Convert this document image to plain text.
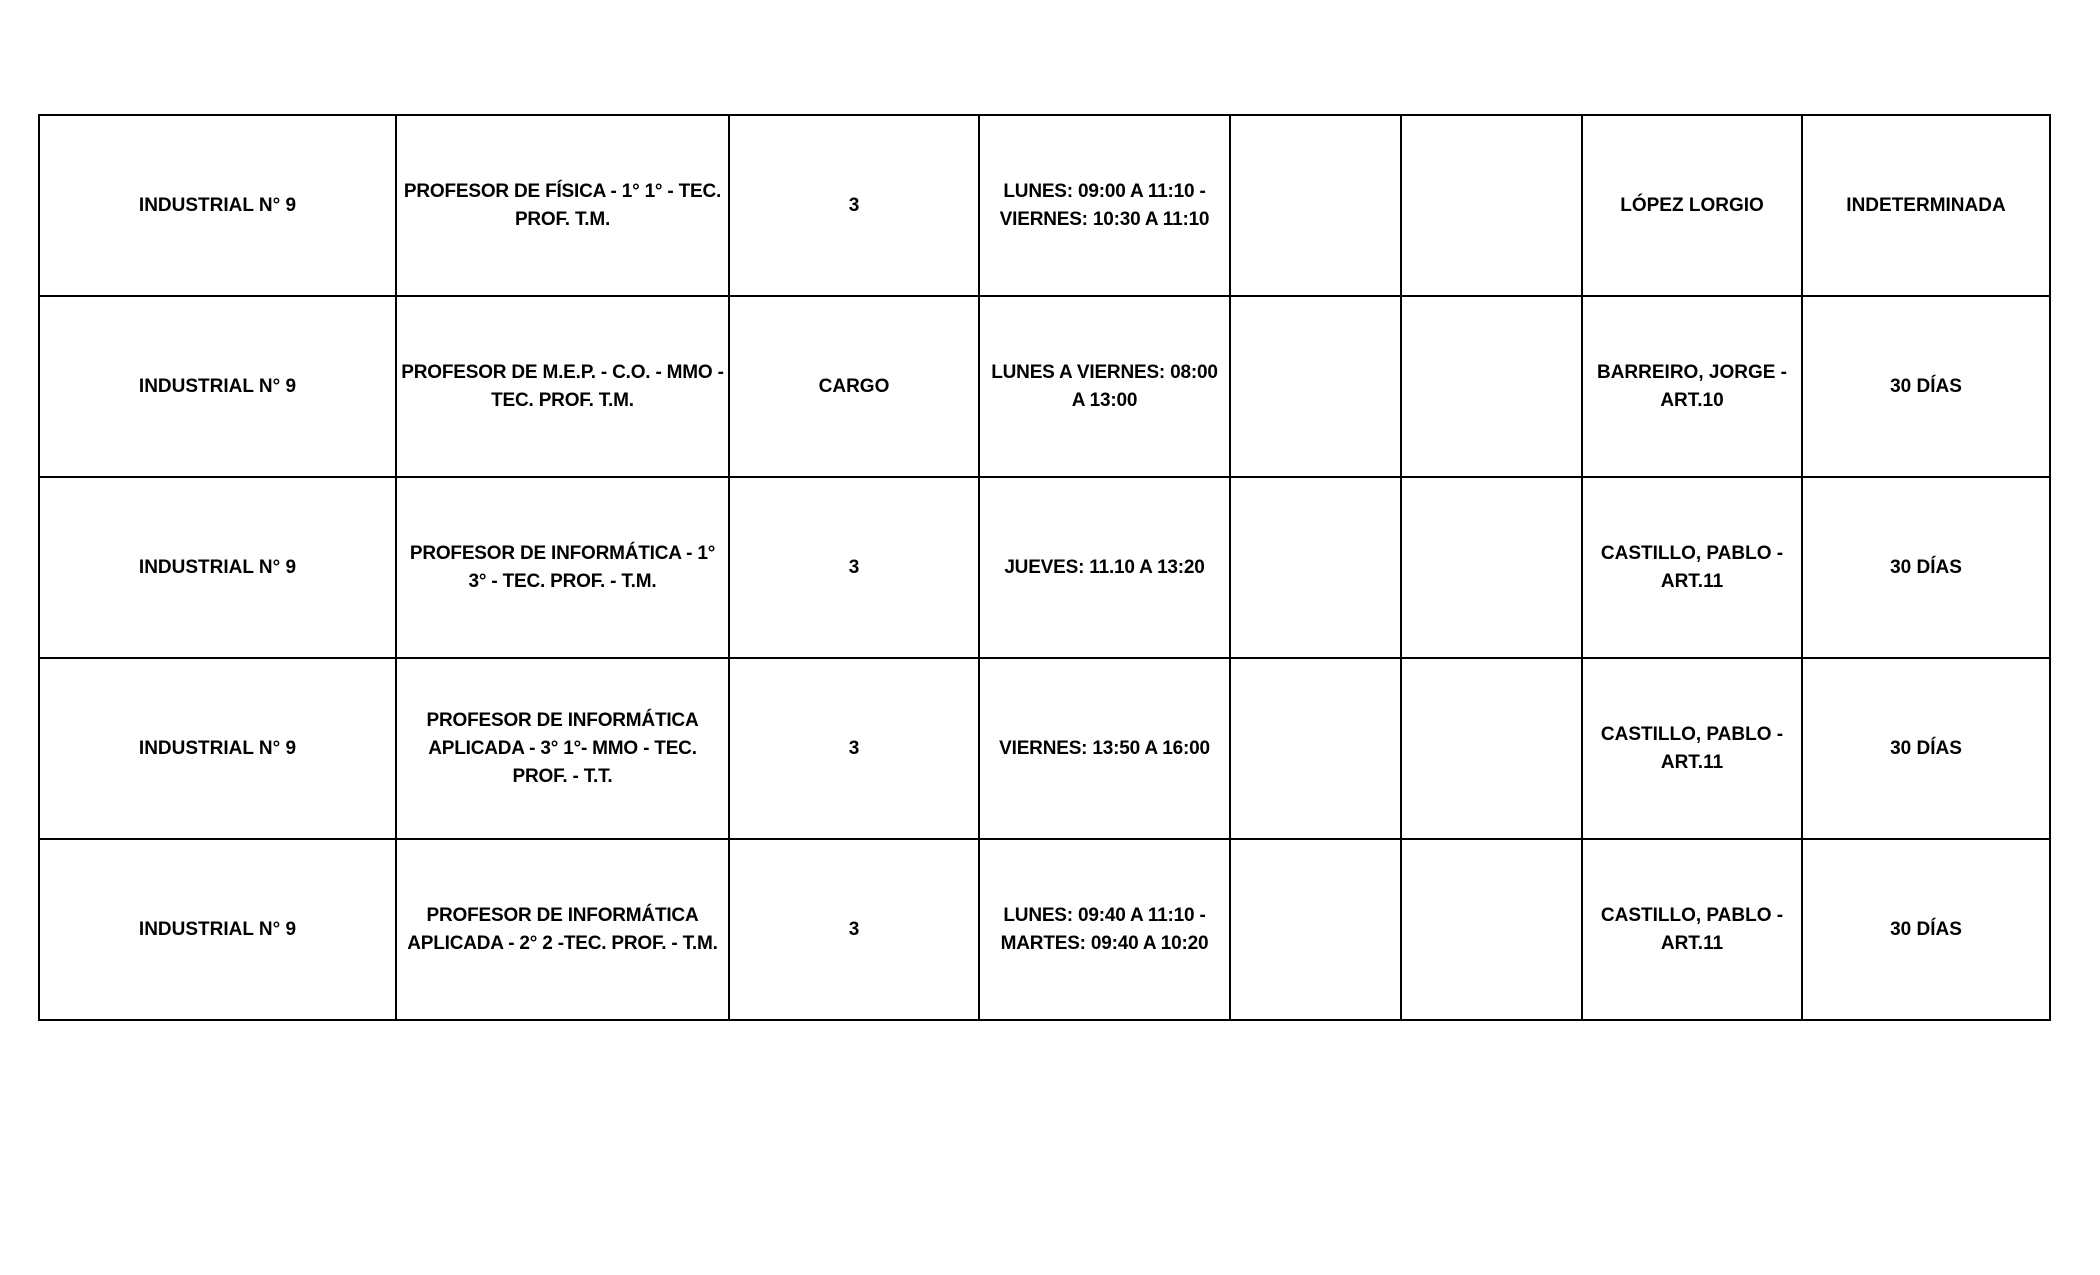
INDUSTRIAL N° 9	PROFESOR DE FÍSICA - 1° 1° - TEC. PROF. T.M.	3	LUNES: 09:00 A 11:10 - VIERNES: 10:30 A 11:10			LÓPEZ LORGIO	INDETERMINADA
INDUSTRIAL N° 9	PROFESOR DE M.E.P. - C.O. - MMO - TEC. PROF. T.M.	CARGO	LUNES A VIERNES: 08:00 A 13:00			BARREIRO, JORGE - ART.10	30 DÍAS
INDUSTRIAL N° 9	PROFESOR DE INFORMÁTICA - 1° 3° - TEC. PROF. - T.M.	3	JUEVES: 11.10 A 13:20			CASTILLO, PABLO - ART.11	30 DÍAS
INDUSTRIAL N° 9	PROFESOR DE INFORMÁTICA APLICADA - 3° 1°- MMO - TEC. PROF. - T.T.	3	VIERNES: 13:50 A 16:00			CASTILLO, PABLO - ART.11	30 DÍAS
INDUSTRIAL N° 9	PROFESOR DE INFORMÁTICA APLICADA - 2° 2 -TEC. PROF. - T.M.	3	LUNES: 09:40 A 11:10 - MARTES: 09:40 A 10:20			CASTILLO, PABLO - ART.11	30 DÍAS
